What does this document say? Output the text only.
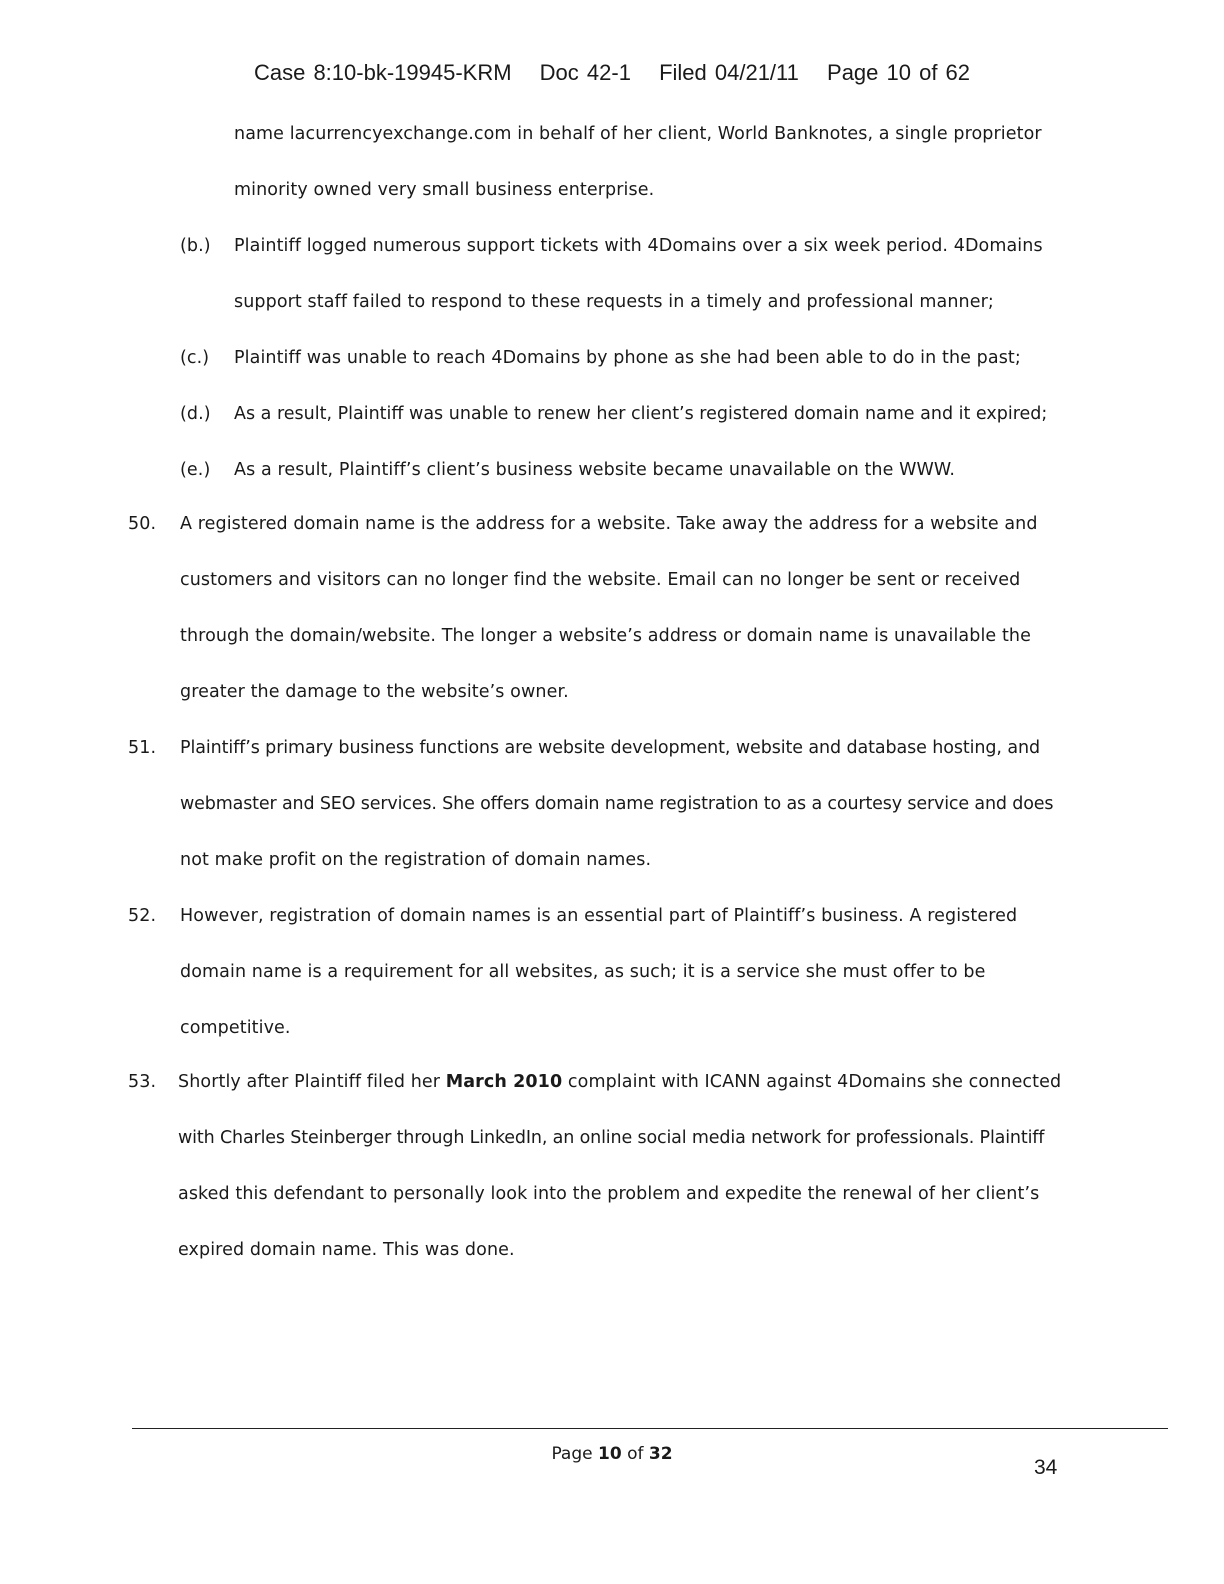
Case 8:10-bk-19945-KRM Doc 42-1 Filed 04/21/11 Page 10 of 62
name lacurrencyexchange.com in behalf of her client, World Banknotes, a single proprietor
minority owned very small business enterprise.
(b.) Plaintiff logged numerous support tickets with 4Domains over a six week period. 4Domains
support staff failed to respond to these requests in a timely and professional manner;
(c.) Plaintiff was unable to reach 4Domains by phone as she had been able to do in the past;
(d.) As a result, Plaintiff was unable to renew her client’s registered domain name and it expired;
(e.) As a result, Plaintiff’s client’s business website became unavailable on the WWW.
50. A registered domain name is the address for a website. Take away the address for a website and
customers and visitors can no longer find the website. Email can no longer be sent or received
through the domain/website. The longer a website’s address or domain name is unavailable the
greater the damage to the website’s owner.
51. Plaintiff’s primary business functions are website development, website and database hosting, and
webmaster and SEO services. She offers domain name registration to as a courtesy service and does
not make profit on the registration of domain names.
52. However, registration of domain names is an essential part of Plaintiff’s business. A registered
domain name is a requirement for all websites, as such; it is a service she must offer to be
competitive.
53. Shortly after Plaintiff filed her March 2010 complaint with ICANN against 4Domains she connected
with Charles Steinberger through LinkedIn, an online social media network for professionals. Plaintiff
asked this defendant to personally look into the problem and expedite the renewal of her client’s
expired domain name. This was done.
Page 10 of 32
34
